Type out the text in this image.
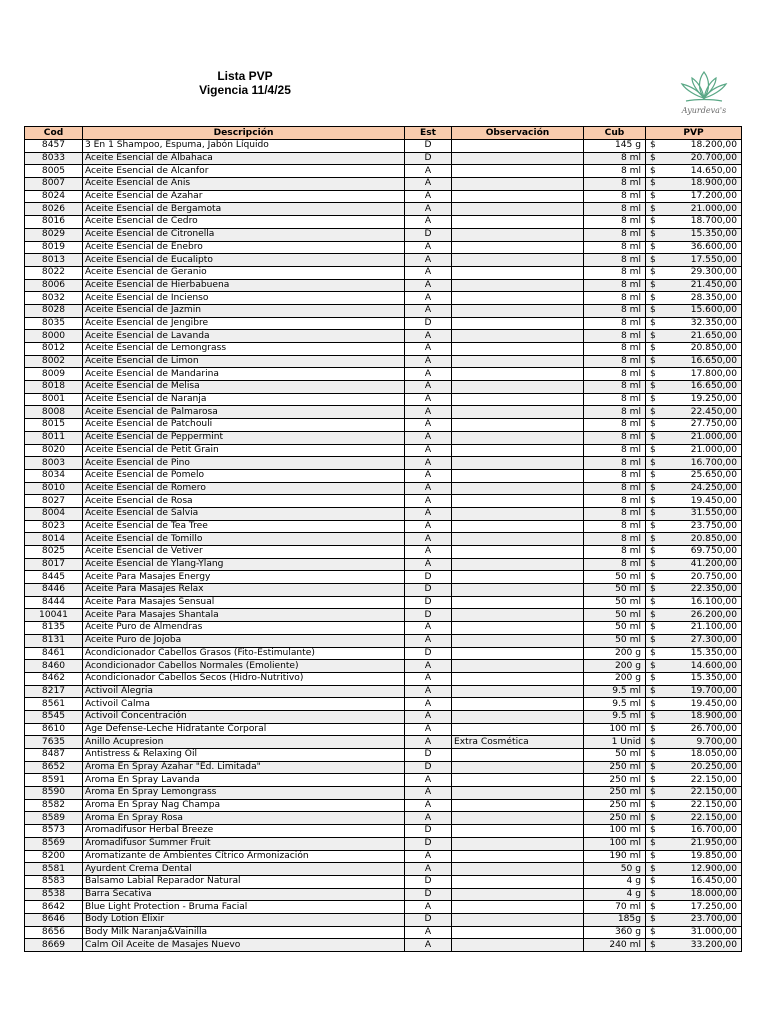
Lista PVP
Vigencia 11/4/25
Ayurdeva's
Cod	Descripción	Est	Observación	Cub	PVP
8457	3 En 1 Shampoo, Espuma, Jabón Líquido	D		145 g	$ 18.200,00
8033	Aceite Esencial de Albahaca	D		8 ml	$ 20.700,00
8005	Aceite Esencial de Alcanfor	A		8 ml	$ 14.650,00
8007	Aceite Esencial de Anis	A		8 ml	$ 18.900,00
8024	Aceite Esencial de Azahar	A		8 ml	$ 17.200,00
8026	Aceite Esencial de Bergamota	A		8 ml	$ 21.000,00
8016	Aceite Esencial de Cedro	A		8 ml	$ 18.700,00
8029	Aceite Esencial de Citronella	D		8 ml	$ 15.350,00
8019	Aceite Esencial de Enebro	A		8 ml	$ 36.600,00
8013	Aceite Esencial de Eucalipto	A		8 ml	$ 17.550,00
8022	Aceite Esencial de Geranio	A		8 ml	$ 29.300,00
8006	Aceite Esencial de Hierbabuena	A		8 ml	$ 21.450,00
8032	Aceite Esencial de Incienso	A		8 ml	$ 28.350,00
8028	Aceite Esencial de Jazmin	A		8 ml	$ 15.600,00
8035	Aceite Esencial de Jengibre	D		8 ml	$ 32.350,00
8000	Aceite Esencial de Lavanda	A		8 ml	$ 21.650,00
8012	Aceite Esencial de Lemongrass	A		8 ml	$ 20.850,00
8002	Aceite Esencial de Limon	A		8 ml	$ 16.650,00
8009	Aceite Esencial de Mandarina	A		8 ml	$ 17.800,00
8018	Aceite Esencial de Melisa	A		8 ml	$ 16.650,00
8001	Aceite Esencial de Naranja	A		8 ml	$ 19.250,00
8008	Aceite Esencial de Palmarosa	A		8 ml	$ 22.450,00
8015	Aceite Esencial de Patchouli	A		8 ml	$ 27.750,00
8011	Aceite Esencial de Peppermint	A		8 ml	$ 21.000,00
8020	Aceite Esencial de Petit Grain	A		8 ml	$ 21.000,00
8003	Aceite Esencial de Pino	A		8 ml	$ 16.700,00
8034	Aceite Esencial de Pomelo	A		8 ml	$ 25.650,00
8010	Aceite Esencial de Romero	A		8 ml	$ 24.250,00
8027	Aceite Esencial de Rosa	A		8 ml	$ 19.450,00
8004	Aceite Esencial de Salvia	A		8 ml	$ 31.550,00
8023	Aceite Esencial de Tea Tree	A		8 ml	$ 23.750,00
8014	Aceite Esencial de Tomillo	A		8 ml	$ 20.850,00
8025	Aceite Esencial de Vetiver	A		8 ml	$ 69.750,00
8017	Aceite Esencial de Ylang-Ylang	A		8 ml	$ 41.200,00
8445	Aceite Para Masajes Energy	D		50 ml	$ 20.750,00
8446	Aceite Para Masajes Relax	D		50 ml	$ 22.350,00
8444	Aceite Para Masajes Sensual	D		50 ml	$ 16.100,00
10041	Aceite Para Masajes Shantala	D		50 ml	$ 26.200,00
8135	Aceite Puro de Almendras	A		50 ml	$ 21.100,00
8131	Aceite Puro de Jojoba	A		50 ml	$ 27.300,00
8461	Acondicionador Cabellos Grasos (Fito-Estimulante)	D		200 g	$ 15.350,00
8460	Acondicionador Cabellos Normales (Emoliente)	A		200 g	$ 14.600,00
8462	Acondicionador Cabellos Secos (Hidro-Nutritivo)	A		200 g	$ 15.350,00
8217	Activoil Alegria	A		9.5 ml	$ 19.700,00
8561	Activoil Calma	A		9.5 ml	$ 19.450,00
8545	Activoil Concentración	A		9.5 ml	$ 18.900,00
8610	Age Defense-Leche Hidratante Corporal	A		100 ml	$ 26.700,00
7635	Anillo Acupresion	A	Extra Cosmética	1 Unid	$ 9.700,00
8487	Antistress & Relaxing Oil	D		50 ml	$ 18.050,00
8652	Aroma En Spray Azahar "Ed. Limitada"	D		250 ml	$ 20.250,00
8591	Aroma En Spray Lavanda	A		250 ml	$ 22.150,00
8590	Aroma En Spray Lemongrass	A		250 ml	$ 22.150,00
8582	Aroma En Spray Nag Champa	A		250 ml	$ 22.150,00
8589	Aroma En Spray Rosa	A		250 ml	$ 22.150,00
8573	Aromadifusor Herbal Breeze	D		100 ml	$ 16.700,00
8569	Aromadifusor Summer Fruit	D		100 ml	$ 21.950,00
8200	Aromatizante de Ambientes Cítrico Armonización	A		190 ml	$ 19.850,00
8581	Ayurdent Crema Dental	A		50 g	$ 12.900,00
8583	Balsamo Labial Reparador Natural	D		4 g	$ 16.450,00
8538	Barra Secativa	D		4 g	$ 18.000,00
8642	Blue Light Protection - Bruma Facial	A		70 ml	$ 17.250,00
8646	Body Lotion Elixir	D		185g	$ 23.700,00
8656	Body Milk Naranja&Vainilla	A		360 g	$ 31.000,00
8669	Calm Oil Aceite de Masajes Nuevo	A		240 ml	$ 33.200,00
